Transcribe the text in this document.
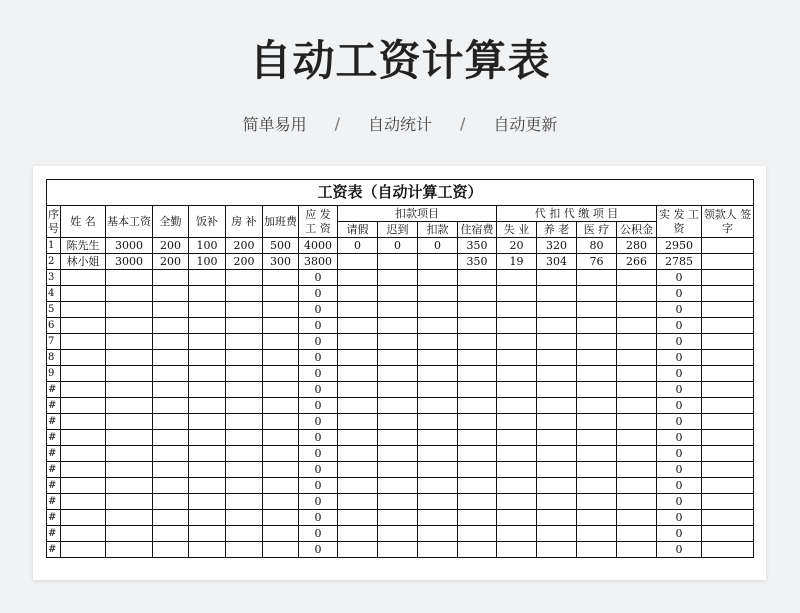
自动工资计算表
简单易用 / 自动统计 / 自动更新
工资表（自动计算工资）																	
序号	姓 名	基本工资	全勤	饭补	房 补	加班费	应 发 工 资	扣款项目				代 扣 代 缴 项 目				实 发 工 资	领款人 签 字
								请假	迟到	扣款	住宿费	失 业	养 老	医 疗	公积金		
1	陈先生	3000	200	100	200	500	4000	0	0	0	350	20	320	80	280	2950	
2	林小姐	3000	200	100	200	300	3800				350	19	304	76	266	2785	
3							0									0	
4							0									0	
5							0									0	
6							0									0	
7							0									0	
8							0									0	
9							0									0	
#							0									0	
#							0									0	
#							0									0	
#							0									0	
#							0									0	
#							0									0	
#							0									0	
#							0									0	
#							0									0	
#							0									0	
#							0									0	
